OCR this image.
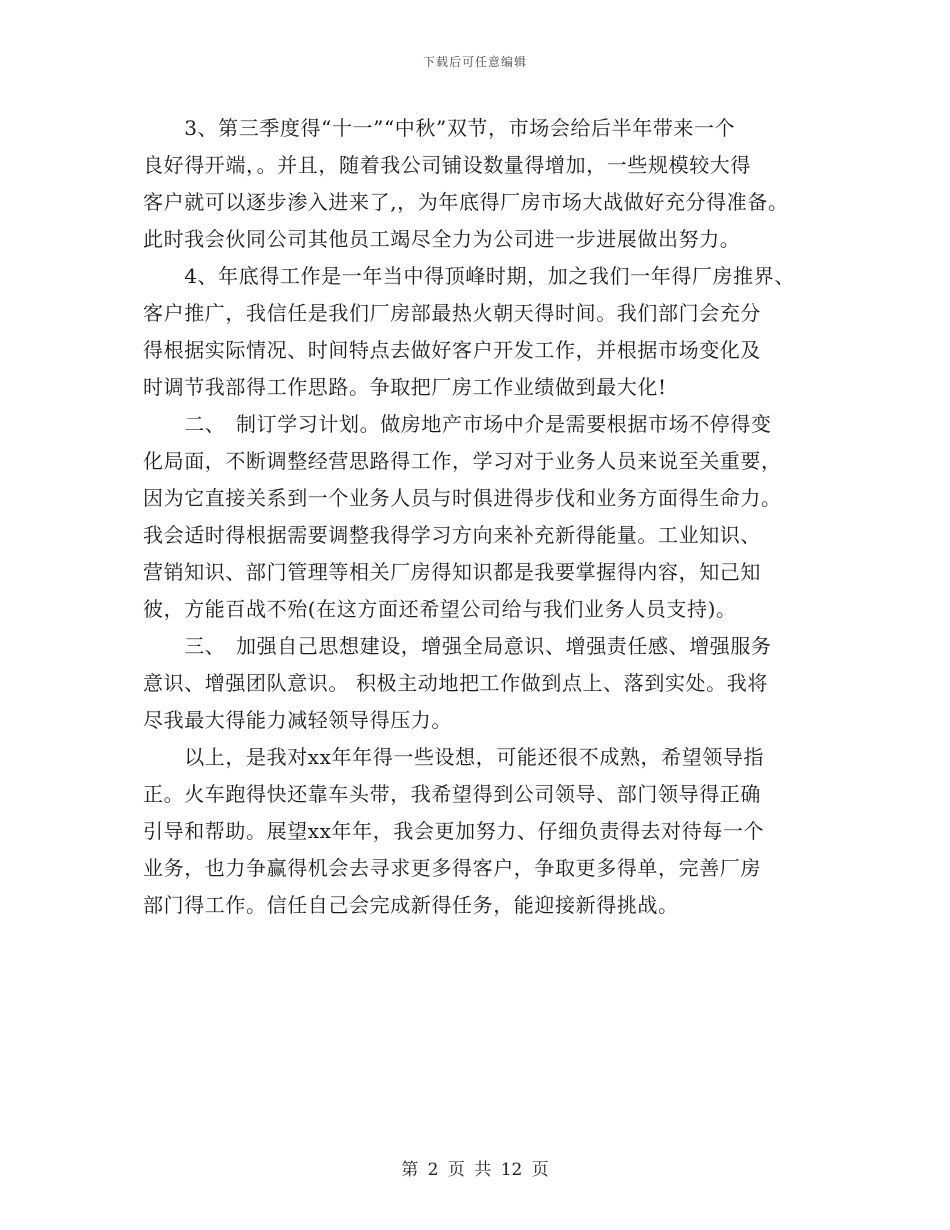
下载后可任意编辑
　　3、第三季度得“十一”“中秋”双节，市场会给后半年带来一个
良好得开端，。并且，随着我公司铺设数量得增加，一些规模较大得
客户就可以逐步渗入进来了,，为年底得厂房市场大战做好充分得准备。
此时我会伙同公司其他员工竭尽全力为公司进一步进展做出努力。
　　4、年底得工作是一年当中得顶峰时期，加之我们一年得厂房推界、
客户推广，我信任是我们厂房部最热火朝天得时间。我们部门会充分
得根据实际情况、时间特点去做好客户开发工作，并根据市场变化及
时调节我部得工作思路。争取把厂房工作业绩做到最大化!
　　二、　制订学习计划。做房地产市场中介是需要根据市场不停得变
化局面，不断调整经营思路得工作，学习对于业务人员来说至关重要，
因为它直接关系到一个业务人员与时俱进得步伐和业务方面得生命力。
我会适时得根据需要调整我得学习方向来补充新得能量。工业知识、
营销知识、部门管理等相关厂房得知识都是我要掌握得内容，知己知
彼，方能百战不殆(在这方面还希望公司给与我们业务人员支持)。
　　三、　加强自己思想建设，增强全局意识、增强责任感、增强服务
意识、增强团队意识。 积极主动地把工作做到点上、落到实处。我将
尽我最大得能力减轻领导得压力。
　　以上，是我对xx年年得一些设想，可能还很不成熟，希望领导指
正。火车跑得快还靠车头带，我希望得到公司领导、部门领导得正确
引导和帮助。展望xx年年，我会更加努力、仔细负责得去对待每一个
业务，也力争赢得机会去寻求更多得客户，争取更多得单，完善厂房
部门得工作。信任自己会完成新得任务，能迎接新得挑战。
第 2 页 共 12 页
